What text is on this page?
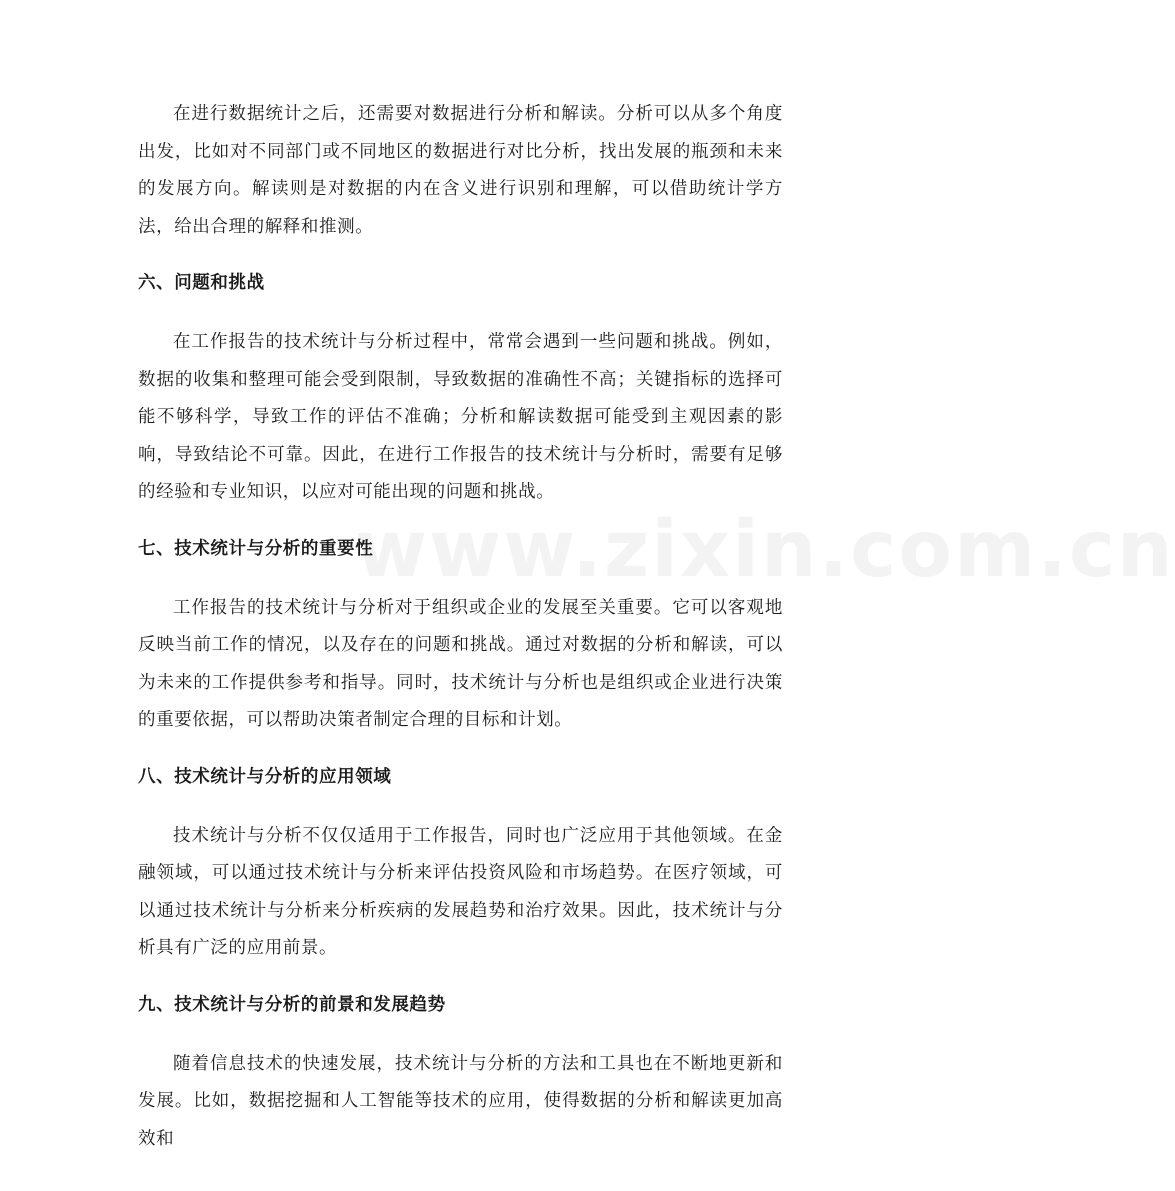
www.zixin.com.cn

在进行数据统计之后，还需要对数据进行分析和解读。分析可以从多个角度出发，比如对不同部门或不同地区的数据进行对比分析，找出发展的瓶颈和未来的发展方向。解读则是对数据的内在含义进行识别和理解，可以借助统计学方法，给出合理的解释和推测。

六、问题和挑战

在工作报告的技术统计与分析过程中，常常会遇到一些问题和挑战。例如，数据的收集和整理可能会受到限制，导致数据的准确性不高；关键指标的选择可能不够科学，导致工作的评估不准确；分析和解读数据可能受到主观因素的影响，导致结论不可靠。因此，在进行工作报告的技术统计与分析时，需要有足够的经验和专业知识，以应对可能出现的问题和挑战。

七、技术统计与分析的重要性

工作报告的技术统计与分析对于组织或企业的发展至关重要。它可以客观地反映当前工作的情况，以及存在的问题和挑战。通过对数据的分析和解读，可以为未来的工作提供参考和指导。同时，技术统计与分析也是组织或企业进行决策的重要依据，可以帮助决策者制定合理的目标和计划。

八、技术统计与分析的应用领域

技术统计与分析不仅仅适用于工作报告，同时也广泛应用于其他领域。在金融领域，可以通过技术统计与分析来评估投资风险和市场趋势。在医疗领域，可以通过技术统计与分析来分析疾病的发展趋势和治疗效果。因此，技术统计与分析具有广泛的应用前景。

九、技术统计与分析的前景和发展趋势

随着信息技术的快速发展，技术统计与分析的方法和工具也在不断地更新和发展。比如，数据挖掘和人工智能等技术的应用，使得数据的分析和解读更加高效和
